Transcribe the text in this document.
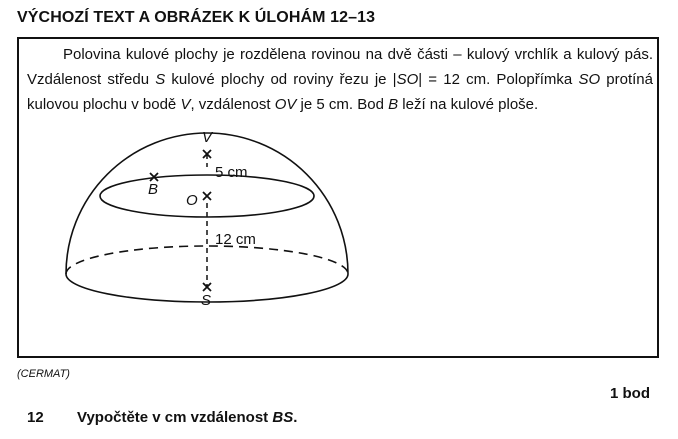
VÝCHOZÍ TEXT A OBRÁZEK K ÚLOHÁM 12–13
Polovina kulové plochy je rozdělena rovinou na dvě části – kulový vrchlík a kulový pás. Vzdálenost středu S kulové plochy od roviny řezu je |SO| = 12 cm. Polopřímka SO protíná kulovou plochu v bodě V, vzdálenost OV je 5 cm. Bod B leží na kulové ploše.
V
B
O
S
5 cm
12 cm
(CERMAT)
1 bod
12 Vypočtěte v cm vzdálenost BS.
